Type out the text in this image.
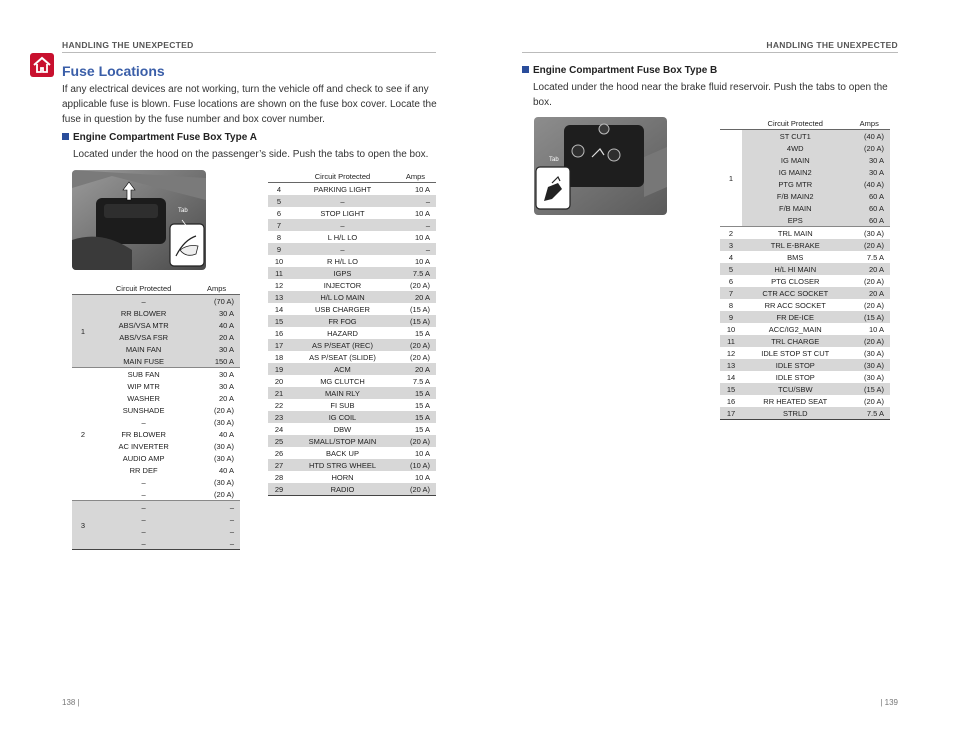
HANDLING THE UNEXPECTED
Fuse Locations
If any electrical devices are not working, turn the vehicle off and check to see if any applicable fuse is blown. Fuse locations are shown on the fuse box cover. Locate the fuse in question by the fuse number and box cover number.
Engine Compartment Fuse Box Type A
Located under the hood on the passenger’s side. Push the tabs to open the box.
Tab
	Circuit Protected	Amps
1	–	(70 A)
	RR BLOWER	30 A
	ABS/VSA MTR	40 A
	ABS/VSA FSR	20 A
	MAIN FAN	30 A
	MAIN FUSE	150 A
2	SUB FAN	30 A
	WIP MTR	30 A
	WASHER	20 A
	SUNSHADE	(20 A)
	–	(30 A)
	FR BLOWER	40 A
	AC INVERTER	(30 A)
	AUDIO AMP	(30 A)
	RR DEF	40 A
	–	(30 A)
	–	(20 A)
3	–	–
	–	–
	–	–
	–	–
	Circuit Protected	Amps
4	PARKING LIGHT	10 A
5	–	–
6	STOP LIGHT	10 A
7	–	–
8	L H/L LO	10 A
9	–	–
10	R H/L LO	10 A
11	IGPS	7.5 A
12	INJECTOR	(20 A)
13	H/L LO MAIN	20 A
14	USB CHARGER	(15 A)
15	FR FOG	(15 A)
16	HAZARD	15 A
17	AS P/SEAT (REC)	(20 A)
18	AS P/SEAT (SLIDE)	(20 A)
19	ACM	20 A
20	MG CLUTCH	7.5 A
21	MAIN RLY	15 A
22	FI SUB	15 A
23	IG COIL	15 A
24	DBW	15 A
25	SMALL/STOP MAIN	(20 A)
26	BACK UP	10 A
27	HTD STRG WHEEL	(10 A)
28	HORN	10 A
29	RADIO	(20 A)
138 |
HANDLING THE UNEXPECTED
Engine Compartment Fuse Box Type B
Located under the hood near the brake fluid reservoir. Push the tabs to open the box.
Tab
	Circuit Protected	Amps
1	ST CUT1	(40 A)
	4WD	(20 A)
	IG MAIN	30 A
	IG MAIN2	30 A
	PTG MTR	(40 A)
	F/B MAIN2	60 A
	F/B MAIN	60 A
	EPS	60 A
2	TRL MAIN	(30 A)
3	TRL E-BRAKE	(20 A)
4	BMS	7.5 A
5	H/L HI MAIN	20 A
6	PTG CLOSER	(20 A)
7	CTR ACC SOCKET	20 A
8	RR ACC SOCKET	(20 A)
9	FR DE-ICE	(15 A)
10	ACC/IG2_MAIN	10 A
11	TRL CHARGE	(20 A)
12	IDLE STOP ST CUT	(30 A)
13	IDLE STOP	(30 A)
14	IDLE STOP	(30 A)
15	TCU/SBW	(15 A)
16	RR HEATED SEAT	(20 A)
17	STRLD	7.5 A
| 139
